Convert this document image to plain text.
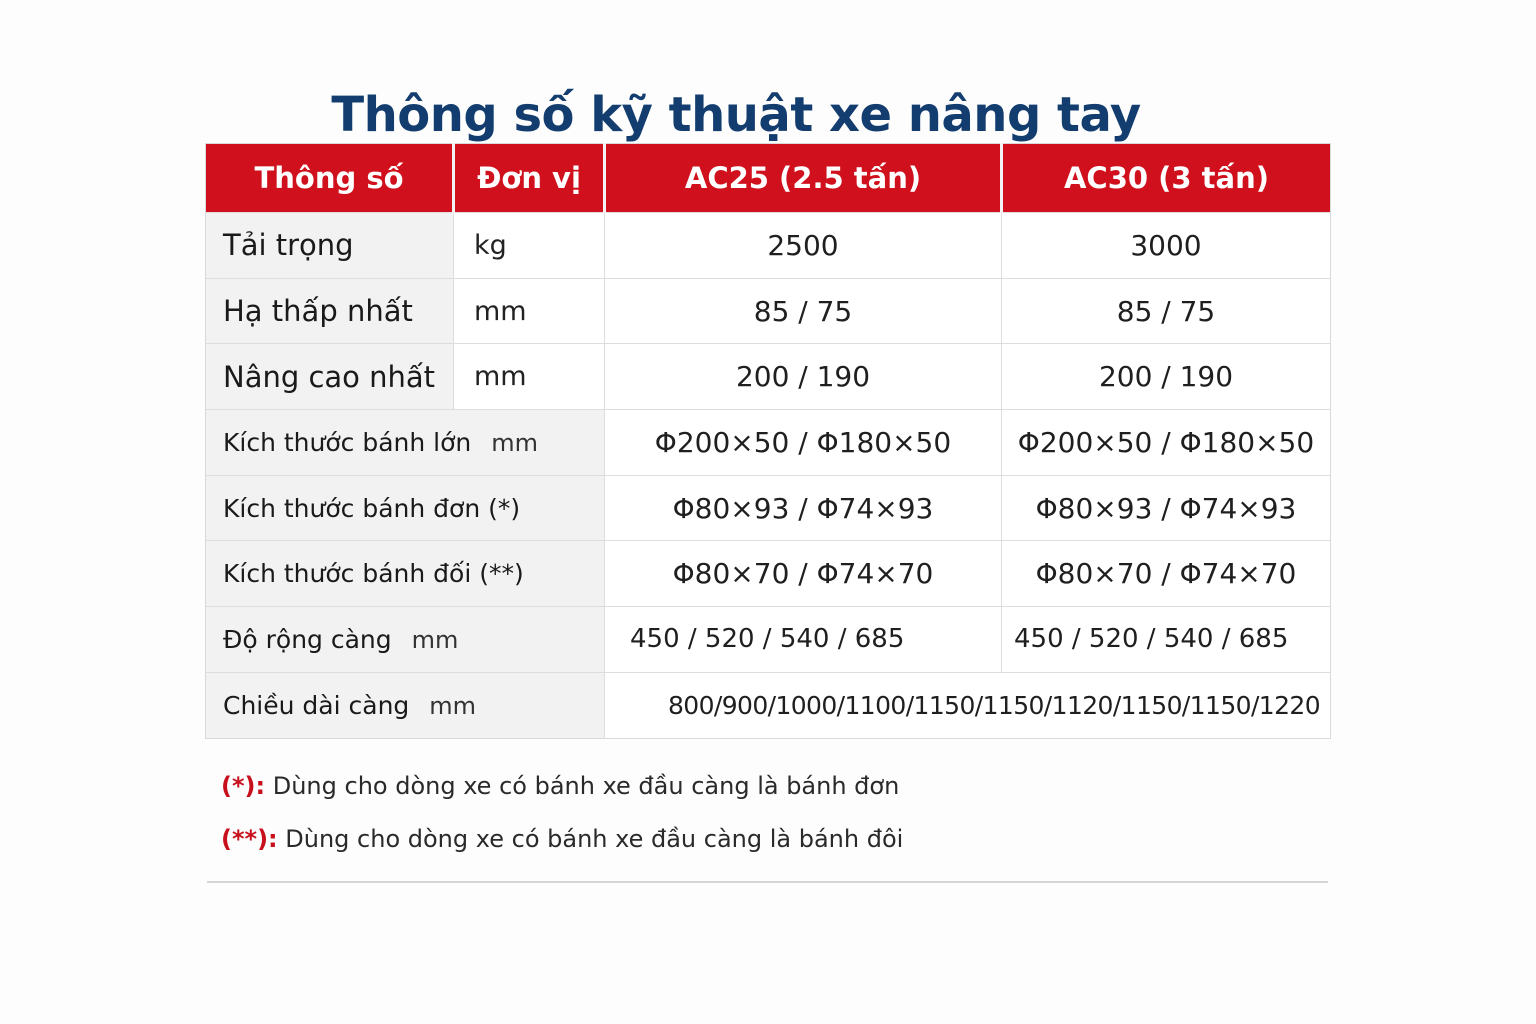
Thông số kỹ thuật xe nâng tay
Thông số	Đơn vị	AC25 (2.5 tấn)	AC30 (3 tấn)
Tải trọng	kg	2500	3000
Hạ thấp nhất	mm	85 / 75	85 / 75
Nâng cao nhất	mm	200 / 190	200 / 190
Kích thước bánh lớn mm		Φ200×50 / Φ180×50	Φ200×50 / Φ180×50
Kích thước bánh đơn (*)		Φ80×93 / Φ74×93	Φ80×93 / Φ74×93
Kích thước bánh đối (**)		Φ80×70 / Φ74×70	Φ80×70 / Φ74×70
Độ rộng càng mm		450 / 520 / 540 / 685	450 / 520 / 540 / 685
Chiều dài càng mm		800/900/1000/1100/1150/1150/1120/1150/1150/1220	
(*): Dùng cho dòng xe có bánh xe đầu càng là bánh đơn
(**): Dùng cho dòng xe có bánh xe đầu càng là bánh đôi
